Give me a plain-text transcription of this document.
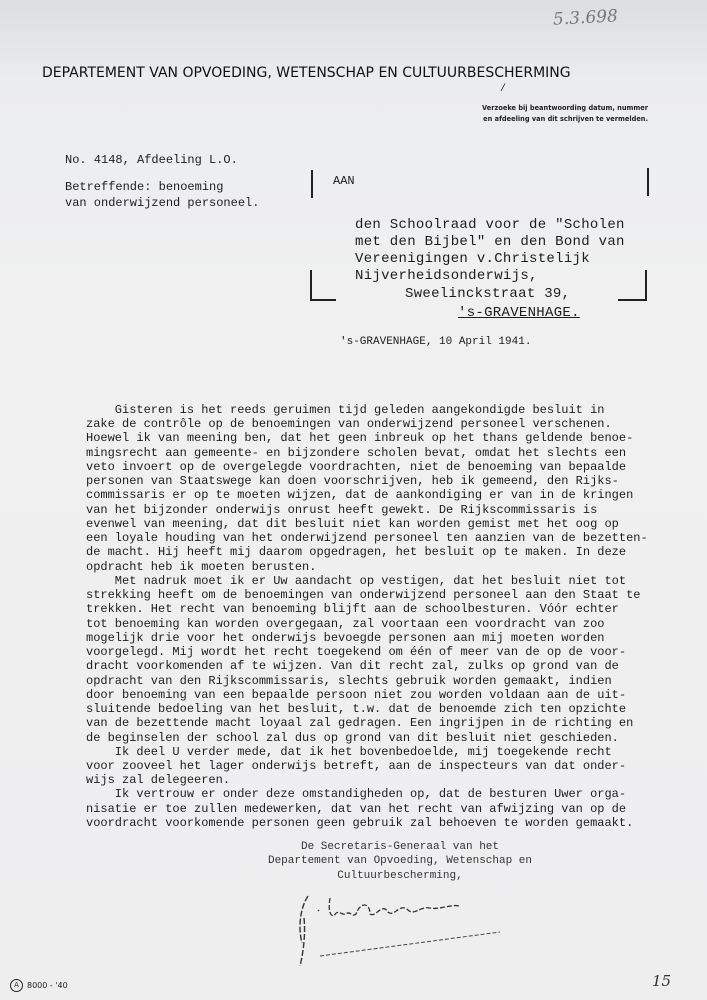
5.3.698
DEPARTEMENT VAN OPVOEDING, WETENSCHAP EN CULTUURBESCHERMING
/
Verzoeke bij beantwoording datum, nummer
en afdeeling van dit schrijven te vermelden.
No. 4148, Afdeeling L.O.
Betreffende: benoeming
van onderwijzend personeel.
AAN
den Schoolraad voor de "Scholen
met den Bijbel" en den Bond van
Vereenigingen v.Christelijk
Nijverheidsonderwijs,
Sweelinckstraat 39,
's-GRAVENHAGE.
's-GRAVENHAGE, 10 April 1941.
Gisteren is het reeds geruimen tijd geleden aangekondigde besluit in
zake de contrôle op de benoemingen van onderwijzend personeel verschenen.
Hoewel ik van meening ben, dat het geen inbreuk op het thans geldende benoe-
mingsrecht aan gemeente- en bijzondere scholen bevat, omdat het slechts een
veto invoert op de overgelegde voordrachten, niet de benoeming van bepaalde
personen van Staatswege kan doen voorschrijven, heb ik gemeend, den Rijks-
commissaris er op te moeten wijzen, dat de aankondiging er van in de kringen
van het bijzonder onderwijs onrust heeft gewekt. De Rijkscommissaris is
evenwel van meening, dat dit besluit niet kan worden gemist met het oog op
een loyale houding van het onderwijzend personeel ten aanzien van de bezetten-
de macht. Hij heeft mij daarom opgedragen, het besluit op te maken. In deze
opdracht heb ik moeten berusten.
Met nadruk moet ik er Uw aandacht op vestigen, dat het besluit niet tot
strekking heeft om de benoemingen van onderwijzend personeel aan den Staat te
trekken. Het recht van benoeming blijft aan de schoolbesturen. Vóór echter
tot benoeming kan worden overgegaan, zal voortaan een voordracht van zoo
mogelijk drie voor het onderwijs bevoegde personen aan mij moeten worden
voorgelegd. Mij wordt het recht toegekend om één of meer van de op de voor-
dracht voorkomenden af te wijzen. Van dit recht zal, zulks op grond van de
opdracht van den Rijkscommissaris, slechts gebruik worden gemaakt, indien
door benoeming van een bepaalde persoon niet zou worden voldaan aan de uit-
sluitende bedoeling van het besluit, t.w. dat de benoemde zich ten opzichte
van de bezettende macht loyaal zal gedragen. Een ingrijpen in de richting en
de beginselen der school zal dus op grond van dit besluit niet geschieden.
Ik deel U verder mede, dat ik het bovenbedoelde, mij toegekende recht
voor zooveel het lager onderwijs betreft, aan de inspecteurs van dat onder-
wijs zal delegeeren.
Ik vertrouw er onder deze omstandigheden op, dat de besturen Uwer orga-
nisatie er toe zullen medewerken, dat van het recht van afwijzing van op de
voordracht voorkomende personen geen gebruik zal behoeven te worden gemaakt.
De Secretaris-Generaal van het
Departement van Opvoeding, Wetenschap en
Cultuurbescherming,
A 8000 - '40	15
